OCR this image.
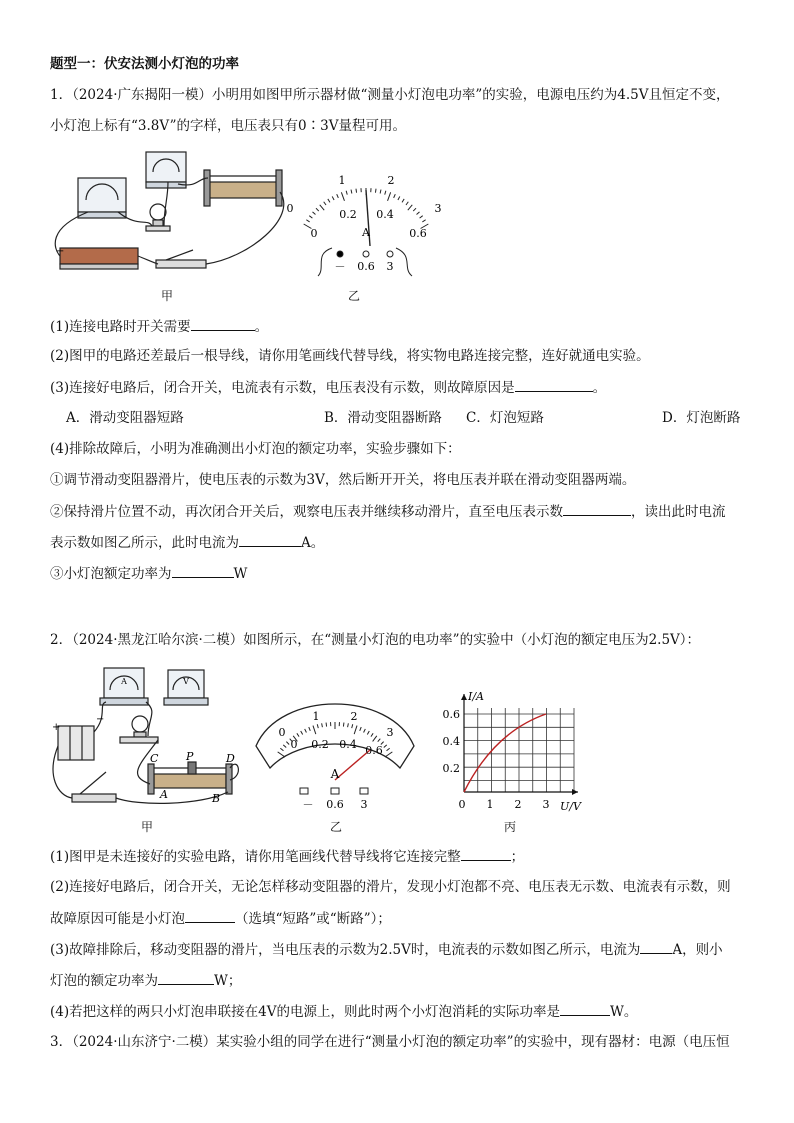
题型一：伏安法测小灯泡的功率
1．（2024·广东揭阳一模）小明用如图甲所示器材做“测量小灯泡电功率”的实验，电源电压约为4.5V且恒定不变，
小灯泡上标有“3.8V”的字样，电压表只有0∶3V量程可用。
−
甲
0
1	2
3
0
0.2 0.4
0.6
A
－ 0.6 3
乙
(1)连接电路时开关需要	。
(2)图甲的电路还差最后一根导线，请你用笔画线代替导线，将实物电路连接完整，连好就通电实验。
(3)连接好电路后，闭合开关，电流表有示数，电压表没有示数，则故障原因是	。
A．滑动变阻器短路	B．滑动变阻器断路 C．灯泡短路	D．灯泡断路
(4)排除故障后，小明为准确测出小灯泡的额定功率，实验步骤如下：
①调节滑动变阻器滑片，使电压表的示数为3V，然后断开开关，将电压表并联在滑动变阻器两端。
②保持滑片位置不动，再次闭合开关后，观察电压表并继续移动滑片，直至电压表示数	，读出此时电流
表示数如图乙所示，此时电流为	A。
③小灯泡额定功率为	W
2．（2024·黑龙江哈尔滨·二模）如图所示，在“测量小灯泡的电功率”的实验中（小灯泡的额定电压为2.5V）：
+
−
C	P	D
A	B
A	V
甲
0
1	2
3
0 0.2 0.4 0.6
A
－ 0.6 3
乙
I/A
U/V
0.6
0.4
0.2
0 1 2 3
丙
(1)图甲是未连接好的实验电路，请你用笔画线代替导线将它连接完整	；
(2)连接好电路后，闭合开关，无论怎样移动变阻器的滑片，发现小灯泡都不亮、电压表无示数、电流表有示数，则
故障原因可能是小灯泡	（选填“短路”或“断路”）；
(3)故障排除后，移动变阻器的滑片，当电压表的示数为2.5V时，电流表的示数如图乙所示，电流为 A，则小
灯泡的额定功率为	W；
(4)若把这样的两只小灯泡串联接在4V的电源上，则此时两个小灯泡消耗的实际功率是	W。
3．（2024·山东济宁·二模）某实验小组的同学在进行“测量小灯泡的额定功率”的实验中，现有器材：电源（电压恒
